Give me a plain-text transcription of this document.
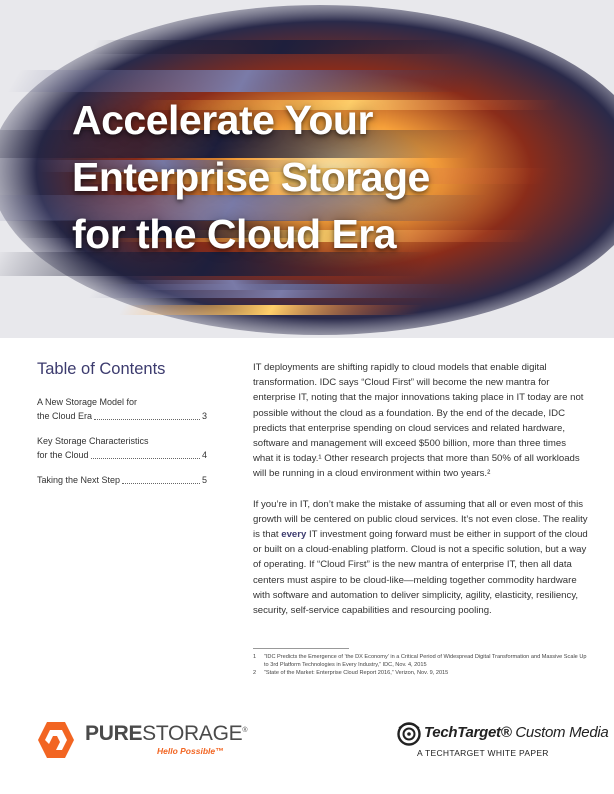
Accelerate Your
Enterprise Storage
for the Cloud Era
Table of Contents
A New Storage Model for
the Cloud Era	3
Key Storage Characteristics
for the Cloud	4
Taking the Next Step	5

IT deployments are shifting rapidly to cloud models that enable digital transformation. IDC says “Cloud First” will become the new mantra for enterprise IT, noting that the major innovations taking place in IT today are not possible without the cloud as a foundation. By the end of the decade, IDC predicts that enterprise spending on cloud services and related hardware, software and management will exceed $500 billion, more than three times what it is today.¹ Other research projects that more than 50% of all workloads will be running in a cloud environment within two years.²

If you’re in IT, don’t make the mistake of assuming that all or even most of this growth will be centered on public cloud services. It’s not even close. The reality is that every IT investment going forward must be either in support of the cloud or built on a cloud-enabling platform. Cloud is not a specific solution, but a way of operating. If “Cloud First” is the new mantra of enterprise IT, then all data centers must aspire to be cloud-like—melding together commodity hardware with software and automation to deliver simplicity, agility, elasticity, resiliency, security, self-service capabilities and resourcing pooling.

1	“IDC Predicts the Emergence of ‘the DX Economy’ in a Critical Period of Widespread Digital Transformation and Massive Scale Up to 3rd Platform Technologies in Every Industry,” IDC, Nov. 4, 2015
2	“State of the Market: Enterprise Cloud Report 2016,” Verizon, Nov. 9, 2015
PURESTORAGE®
Hello Possible™
TechTarget® Custom Media
A TECHTARGET WHITE PAPER
